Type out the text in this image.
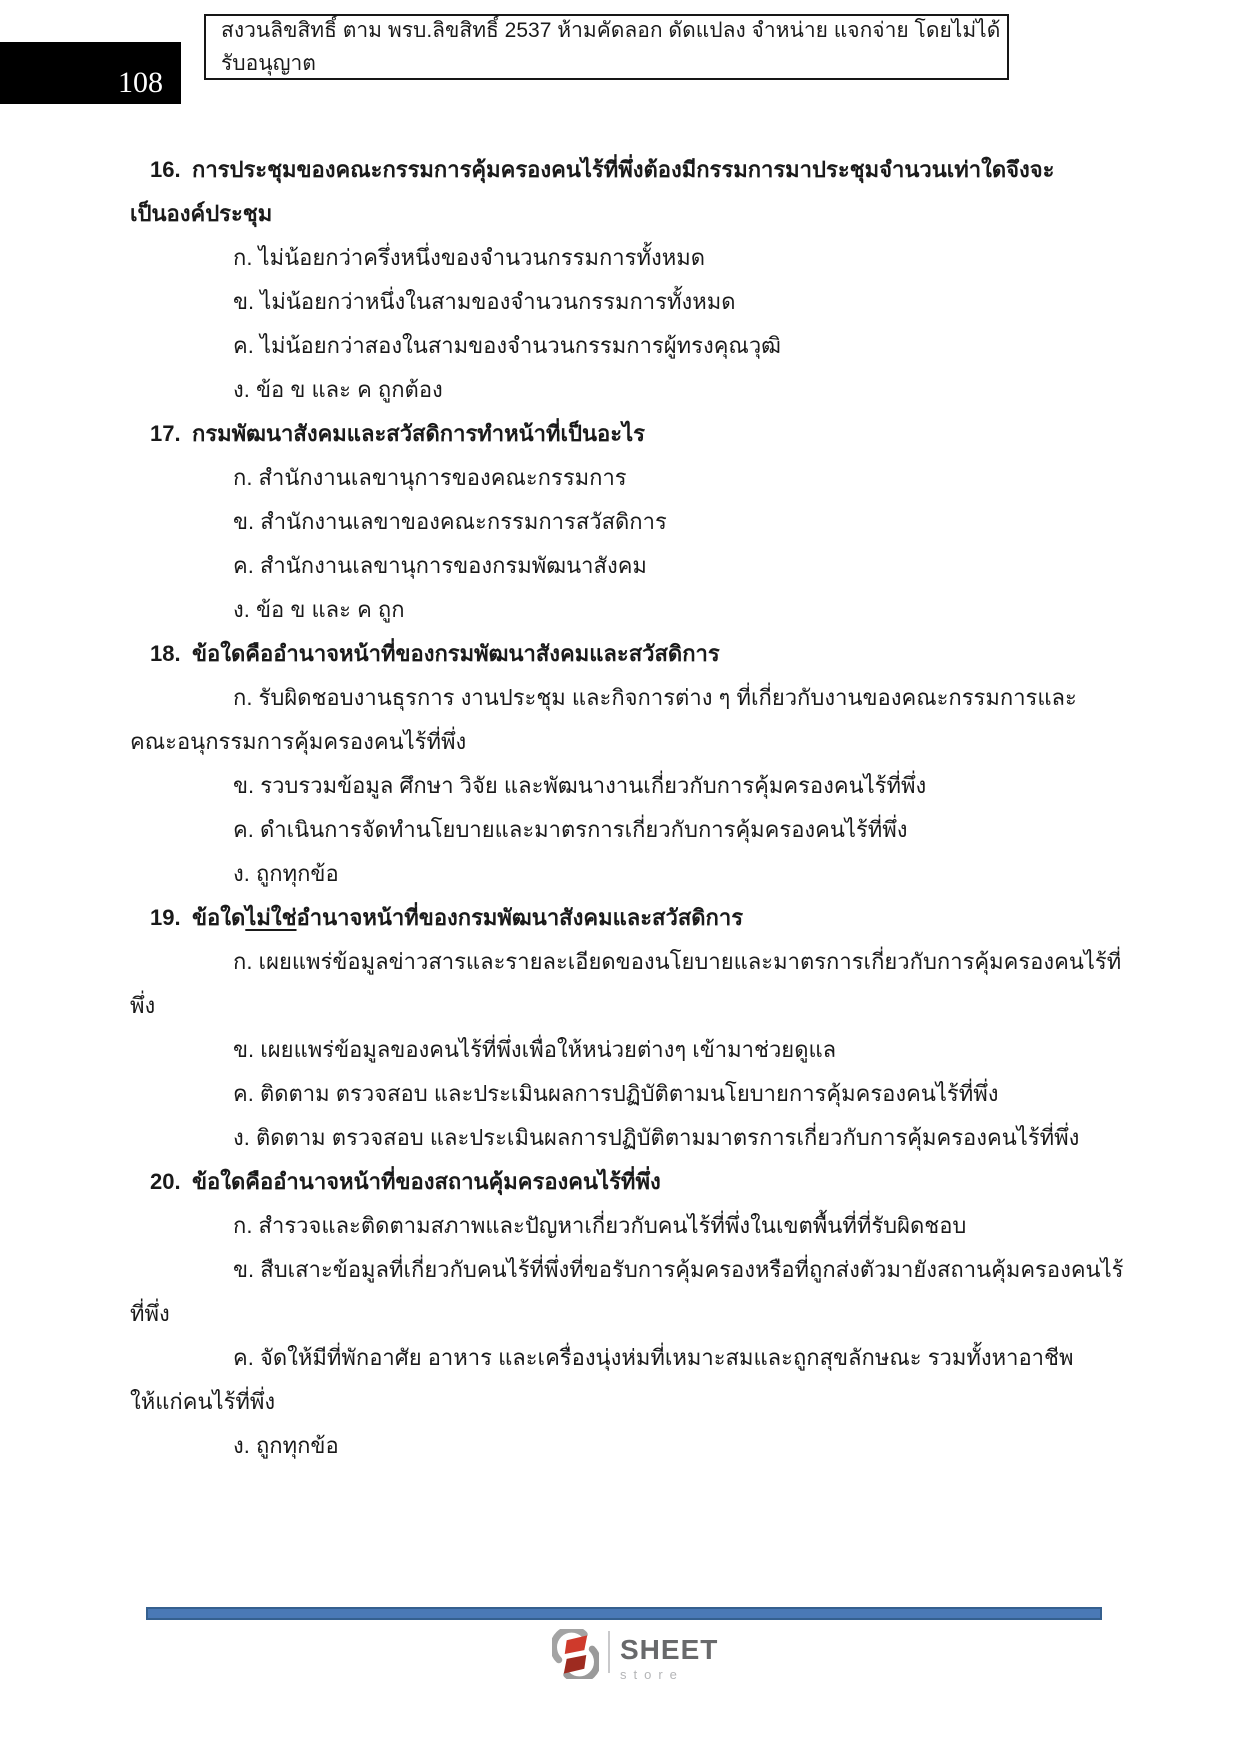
108
สงวนลิขสิทธิ์ ตาม พรบ.ลิขสิทธิ์ 2537 ห้ามคัดลอก ดัดแปลง จำหน่าย แจกจ่าย โดยไม่ได้รับอนุญาต
16. การประชุมของคณะกรรมการคุ้มครองคนไร้ที่พึ่งต้องมีกรรมการมาประชุมจำนวนเท่าใดจึงจะ
เป็นองค์ประชุม
ก. ไม่น้อยกว่าครึ่งหนึ่งของจำนวนกรรมการทั้งหมด
ข. ไม่น้อยกว่าหนึ่งในสามของจำนวนกรรมการทั้งหมด
ค. ไม่น้อยกว่าสองในสามของจำนวนกรรมการผู้ทรงคุณวุฒิ
ง. ข้อ ข และ ค ถูกต้อง
17. กรมพัฒนาสังคมและสวัสดิการทำหน้าที่เป็นอะไร
ก. สำนักงานเลขานุการของคณะกรรมการ
ข. สำนักงานเลขาของคณะกรรมการสวัสดิการ
ค. สำนักงานเลขานุการของกรมพัฒนาสังคม
ง. ข้อ ข และ ค ถูก
18. ข้อใดคืออำนาจหน้าที่ของกรมพัฒนาสังคมและสวัสดิการ
ก. รับผิดชอบงานธุรการ งานประชุม และกิจการต่าง ๆ ที่เกี่ยวกับงานของคณะกรรมการและ
คณะอนุกรรมการคุ้มครองคนไร้ที่พึ่ง
ข. รวบรวมข้อมูล ศึกษา วิจัย และพัฒนางานเกี่ยวกับการคุ้มครองคนไร้ที่พึ่ง
ค. ดำเนินการจัดทำนโยบายและมาตรการเกี่ยวกับการคุ้มครองคนไร้ที่พึ่ง
ง. ถูกทุกข้อ
19. ข้อใดไม่ใช่อำนาจหน้าที่ของกรมพัฒนาสังคมและสวัสดิการ
ก. เผยแพร่ข้อมูลข่าวสารและรายละเอียดของนโยบายและมาตรการเกี่ยวกับการคุ้มครองคนไร้ที่
พึ่ง
ข. เผยแพร่ข้อมูลของคนไร้ที่พึ่งเพื่อให้หน่วยต่างๆ เข้ามาช่วยดูแล
ค. ติดตาม ตรวจสอบ และประเมินผลการปฏิบัติตามนโยบายการคุ้มครองคนไร้ที่พึ่ง
ง. ติดตาม ตรวจสอบ และประเมินผลการปฏิบัติตามมาตรการเกี่ยวกับการคุ้มครองคนไร้ที่พึ่ง
20. ข้อใดคืออำนาจหน้าที่ของสถานคุ้มครองคนไร้ที่พึ่ง
ก. สำรวจและติดตามสภาพและปัญหาเกี่ยวกับคนไร้ที่พึ่งในเขตพื้นที่ที่รับผิดชอบ
ข. สืบเสาะข้อมูลที่เกี่ยวกับคนไร้ที่พึ่งที่ขอรับการคุ้มครองหรือที่ถูกส่งตัวมายังสถานคุ้มครองคนไร้
ที่พึ่ง
ค. จัดให้มีที่พักอาศัย อาหาร และเครื่องนุ่งห่มที่เหมาะสมและถูกสุขลักษณะ รวมทั้งหาอาชีพ
ให้แก่คนไร้ที่พึ่ง
ง. ถูกทุกข้อ
SHEET
store
